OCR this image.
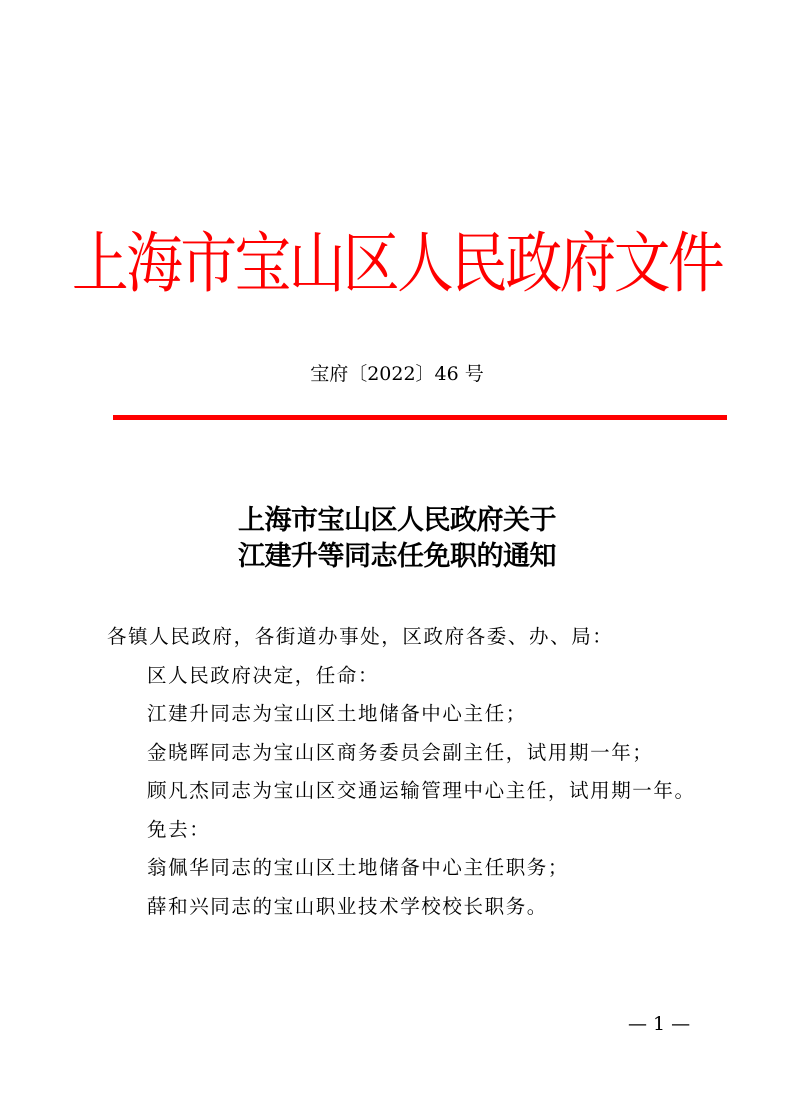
上海市宝山区人民政府文件
宝府〔2022〕46 号
上海市宝山区人民政府关于
江建升等同志任免职的通知
各镇人民政府，各街道办事处，区政府各委、办、局：
区人民政府决定，任命：
江建升同志为宝山区土地储备中心主任；
金晓晖同志为宝山区商务委员会副主任，试用期一年；
顾凡杰同志为宝山区交通运输管理中心主任，试用期一年。
免去：
翁佩华同志的宝山区土地储备中心主任职务；
薛和兴同志的宝山职业技术学校校长职务。
— 1 —
